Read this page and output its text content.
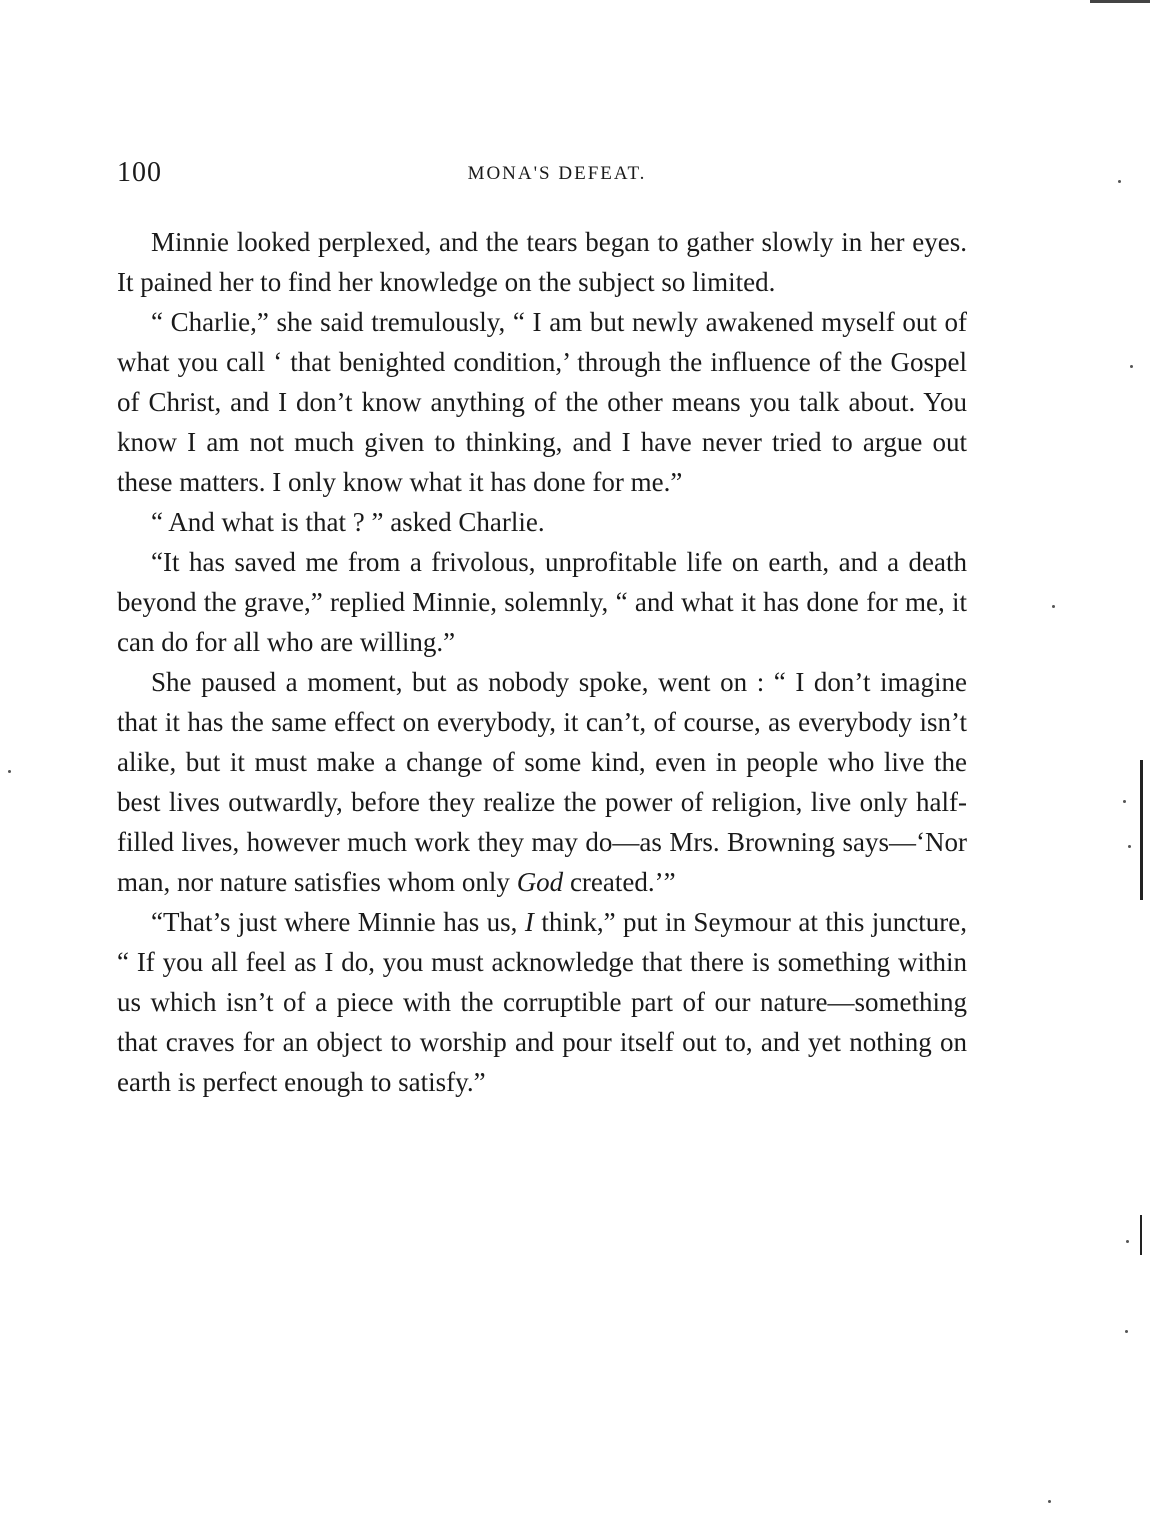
100	MONA'S DEFEAT.

Minnie looked perplexed, and the tears began to gather slowly in her eyes. It pained her to find her knowledge on the subject so limited.

“ Charlie,” she said tremulously, “ I am but newly awakened myself out of what you call ‘ that benighted condition,’ through the influence of the Gospel of Christ, and I don’t know anything of the other means you talk about. You know I am not much given to thinking, and I have never tried to argue out these matters. I only know what it has done for me.”

“ And what is that ? ” asked Charlie.

“It has saved me from a frivolous, unprofitable life on earth, and a death beyond the grave,” replied Minnie, solemnly, “ and what it has done for me, it can do for all who are willing.”

She paused a moment, but as nobody spoke, went on : “ I don’t imagine that it has the same effect on everybody, it can’t, of course, as everybody isn’t alike, but it must make a change of some kind, even in people who live the best lives outwardly, before they realize the power of religion, live only half-filled lives, however much work they may do—as Mrs. Browning says—‘Nor man, nor nature satisfies whom only God created.’”

“That’s just where Minnie has us, I think,” put in Seymour at this juncture, “ If you all feel as I do, you must acknowledge that there is something within us which isn’t of a piece with the corruptible part of our nature—something that craves for an object to worship and pour itself out to, and yet nothing on earth is perfect enough to satisfy.”
